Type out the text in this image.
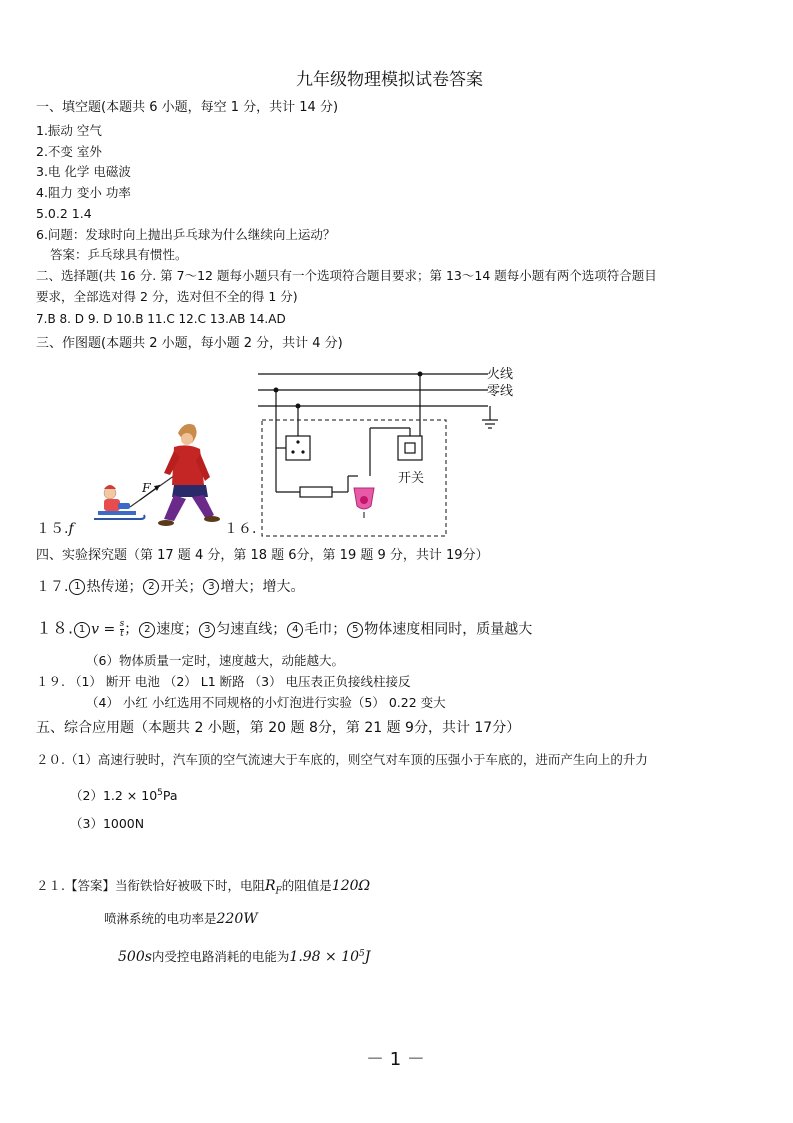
九年级物理模拟试卷答案
一、填空题(本题共 6 小题，每空 1 分，共计 14 分)
1.振动 空气
2.不变 室外
3.电 化学 电磁波
4.阻力 变小 功率
5.0.2 1.4
6.问题：发球时向上抛出乒乓球为什么继续向上运动？
答案：乒乓球具有惯性。
二、选择题(共 16 分. 第 7～12 题每小题只有一个选项符合题目要求；第 13～14 题每小题有两个选项符合题目
要求，全部选对得 2 分，选对但不全的得 1 分)
7.B 8. D 9. D 10.B 11.C 12.C 13.AB 14.AD
三、作图题(本题共 2 小题，每小题 2 分，共计 4 分)
F
１５.f	１６.
火线
零线
开关
四、实验探究题（第 17 题 4 分，第 18 题 6分，第 19 题 9 分，共计 19分）
１７. 1 热传递； 2 开关； 3 增大；增大。
１８. 1 $v = \frac{s}{t}$ ； 2 速度； 3 匀速直线； 4 毛巾； 5 物体速度相同时，质量越大
（6）物体质量一定时，速度越大，动能越大。
１９. （1） 断开 电池 （2） L1 断路 （3） 电压表正负接线柱接反
（4） 小红 小红选用不同规格的小灯泡进行实验（5） 0.22 变大
五、综合应用题（本题共 2 小题，第 20 题 8分，第 21 题 9分，共计 17分）
２０.（1）高速行驶时，汽车顶的空气流速大于车底的，则空气对车顶的压强小于车底的，进而产生向上的升力
$(2)1.2 \times 10^5Pa$
（3）1000N
２１.【答案】当衔铁恰好被吸下时，电阻$R_F$的阻值是120Ω
喷淋系统的电功率是220W
500s内受控电路消耗的电能为$1.98 \times 10^5J$
－ 1 －
